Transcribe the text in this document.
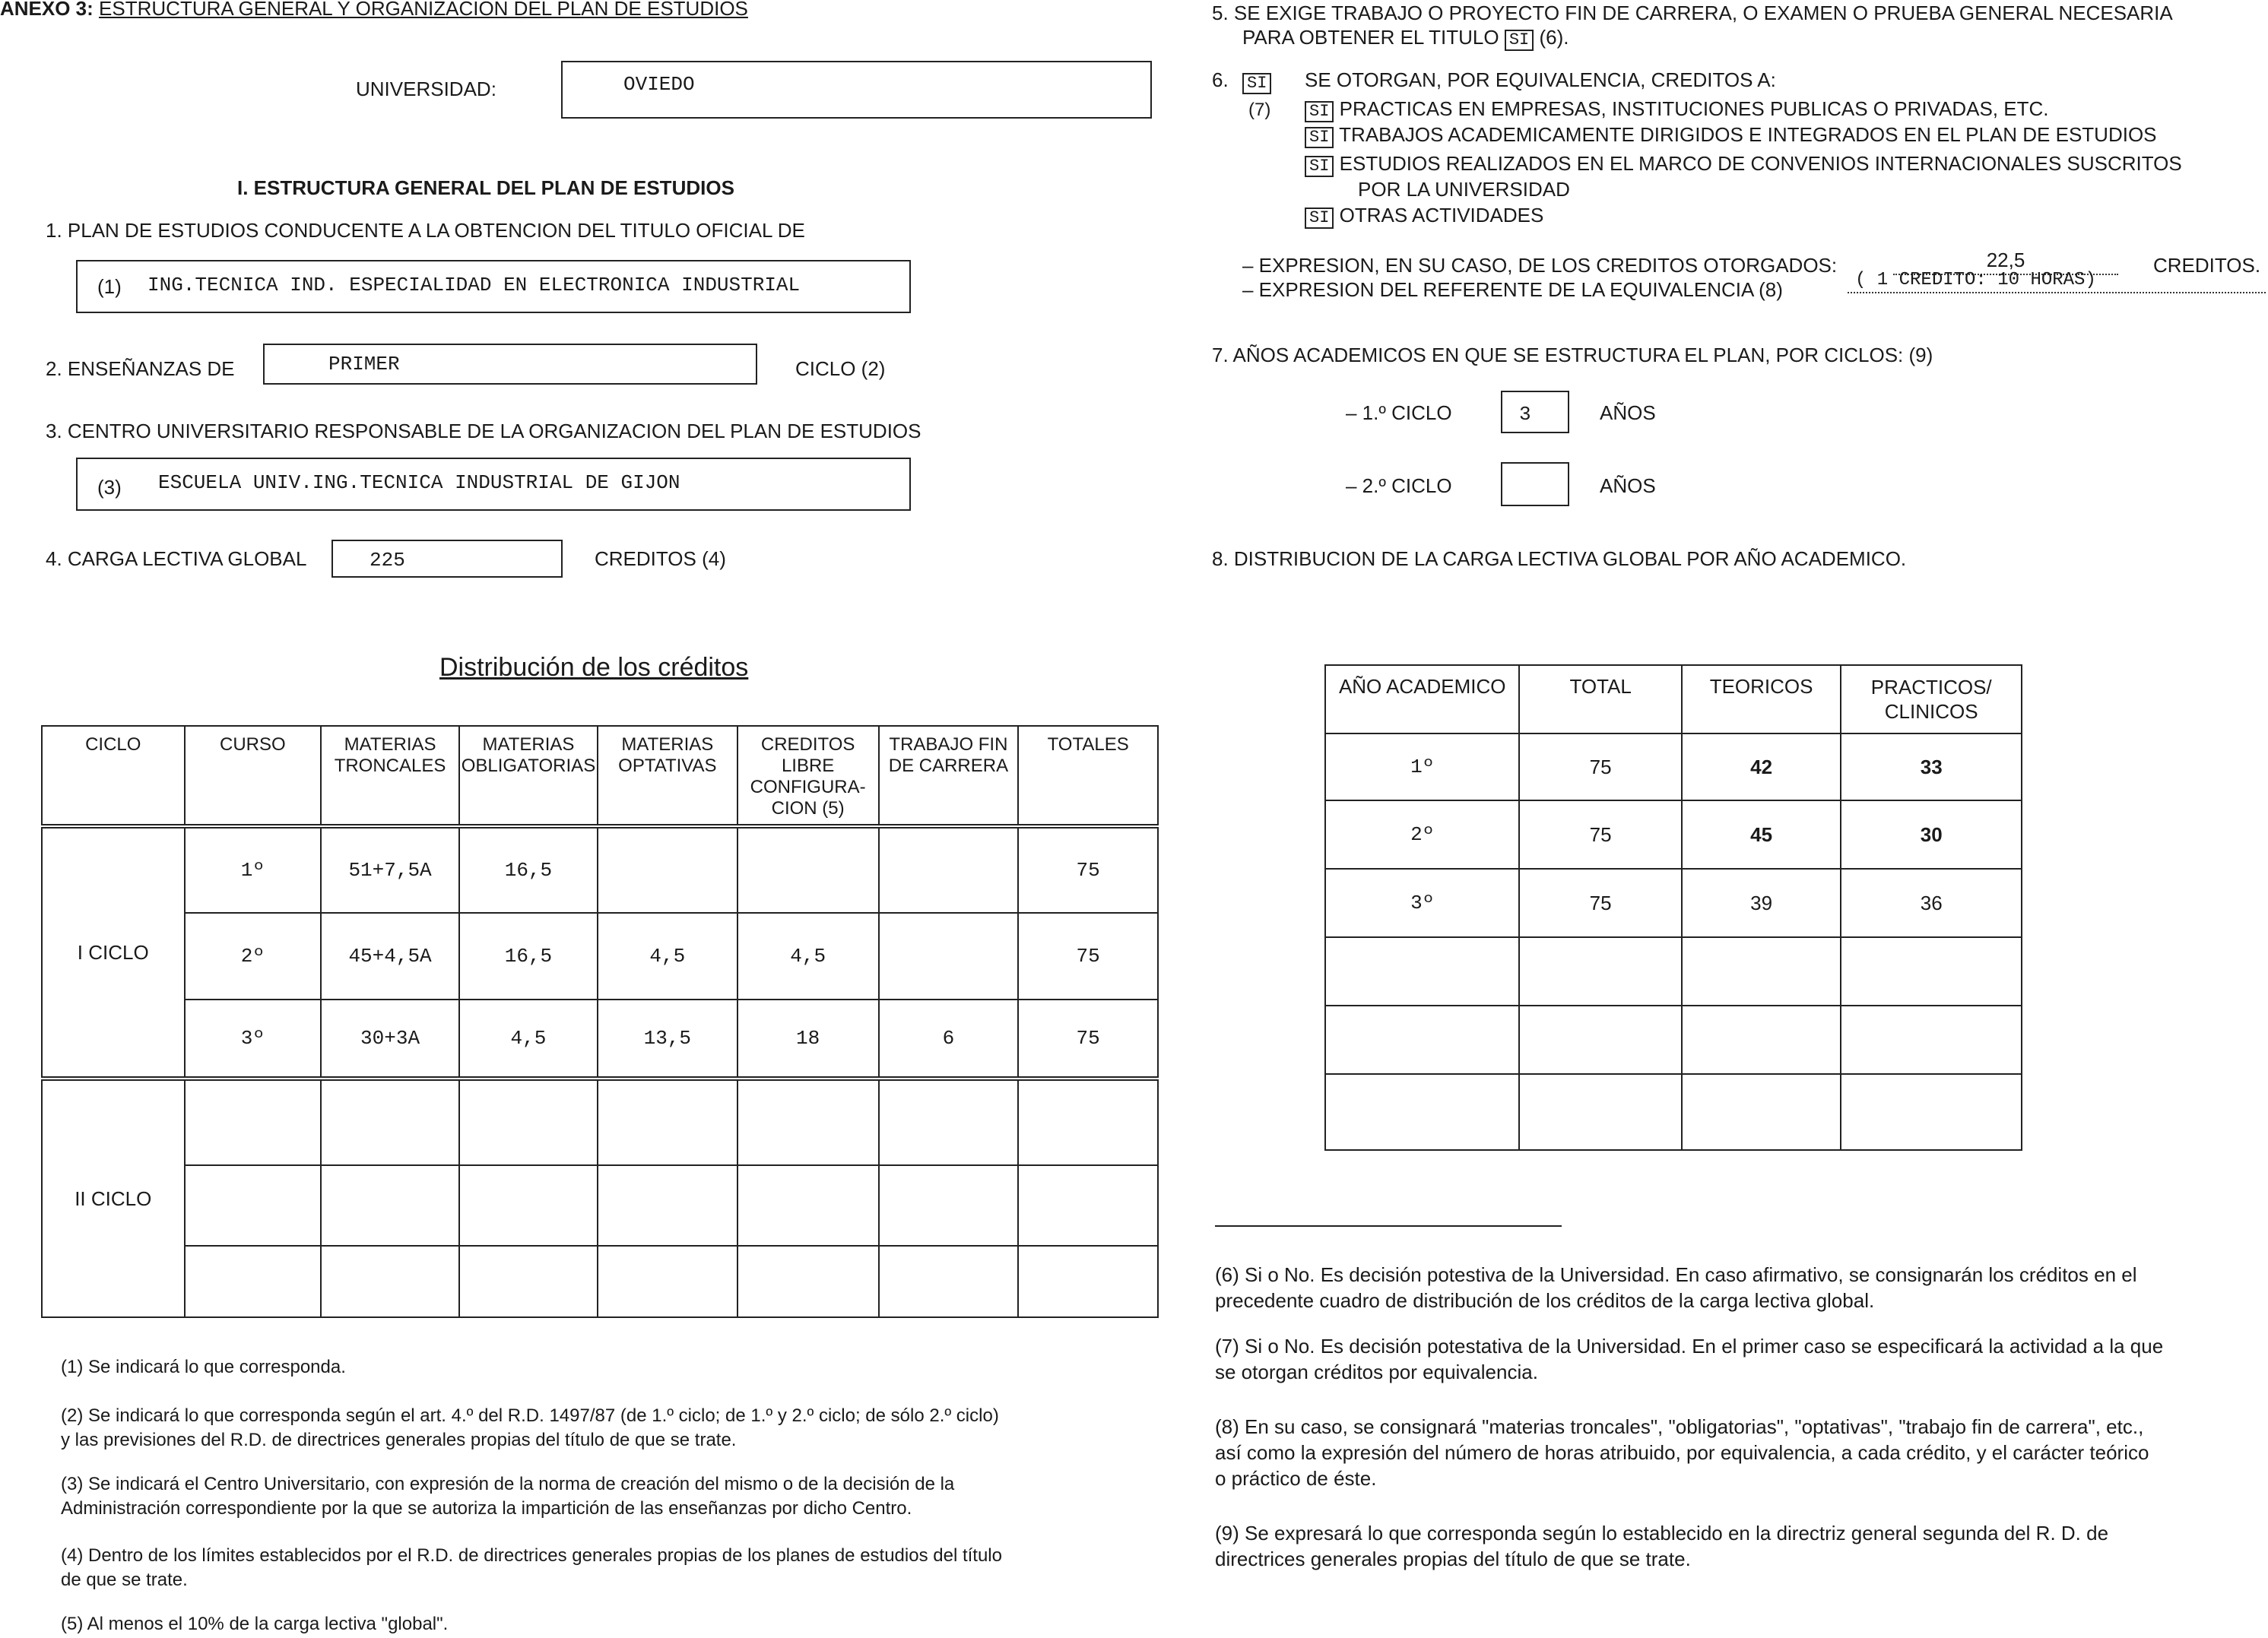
ANEXO 3: ESTRUCTURA GENERAL Y ORGANIZACION DEL PLAN DE ESTUDIOS
UNIVERSIDAD:	OVIEDO
I. ESTRUCTURA GENERAL DEL PLAN DE ESTUDIOS
1. PLAN DE ESTUDIOS CONDUCENTE A LA OBTENCION DEL TITULO OFICIAL DE
(1) ING.TECNICA IND. ESPECIALIDAD EN ELECTRONICA INDUSTRIAL
2. ENSEÑANZAS DE	PRIMER	CICLO (2)
3. CENTRO UNIVERSITARIO RESPONSABLE DE LA ORGANIZACION DEL PLAN DE ESTUDIOS
(3) ESCUELA UNIV.ING.TECNICA INDUSTRIAL DE GIJON
4. CARGA LECTIVA GLOBAL	225	CREDITOS (4)
Distribución de los créditos
CICLO	CURSO	MATERIAS TRONCALES	MATERIAS OBLIGATORIAS	MATERIAS OPTATIVAS	CREDITOS LIBRE CONFIGURA- CION (5)	TRABAJO FIN DE CARRERA	TOTALES
I CICLO	1º	51+7,5A	16,5				75
	2º	45+4,5A	16,5	4,5	4,5		75
	3º	30+3A	4,5	13,5	18	6	75
II CICLO							

(1) Se indicará lo que corresponda.
(2) Se indicará lo que corresponda según el art. 4.º del R.D. 1497/87 (de 1.º ciclo; de 1.º y 2.º ciclo; de sólo 2.º ciclo)
y las previsiones del R.D. de directrices generales propias del título de que se trate.
(3) Se indicará el Centro Universitario, con expresión de la norma de creación del mismo o de la decisión de la
Administración correspondiente por la que se autoriza la impartición de las enseñanzas por dicho Centro.
(4) Dentro de los límites establecidos por el R.D. de directrices generales propias de los planes de estudios del título
de que se trate.
(5) Al menos el 10% de la carga lectiva "global".
5. SE EXIGE TRABAJO O PROYECTO FIN DE CARRERA, O EXAMEN O PRUEBA GENERAL NECESARIA
PARA OBTENER EL TITULO SI (6).
6. SI
(7)
SE OTORGAN, POR EQUIVALENCIA, CREDITOS A:
SI PRACTICAS EN EMPRESAS, INSTITUCIONES PUBLICAS O PRIVADAS, ETC.
SI TRABAJOS ACADEMICAMENTE DIRIGIDOS E INTEGRADOS EN EL PLAN DE ESTUDIOS
SI ESTUDIOS REALIZADOS EN EL MARCO DE CONVENIOS INTERNACIONALES SUSCRITOS
POR LA UNIVERSIDAD
SI OTRAS ACTIVIDADES
– EXPRESION, EN SU CASO, DE LOS CREDITOS OTORGADOS:	22,5	CREDITOS.
– EXPRESION DEL REFERENTE DE LA EQUIVALENCIA (8)	( 1 CREDITO: 10 HORAS)
7. AÑOS ACADEMICOS EN QUE SE ESTRUCTURA EL PLAN, POR CICLOS: (9)
– 1.º CICLO	3	AÑOS
– 2.º CICLO	AÑOS
8. DISTRIBUCION DE LA CARGA LECTIVA GLOBAL POR AÑO ACADEMICO.
AÑO ACADEMICO	TOTAL	TEORICOS	PRACTICOS/ CLINICOS
1º	75	42	33
2º	75	45	30
3º	75	39	36

(6) Si o No. Es decisión potestiva de la Universidad. En caso afirmativo, se consignarán los créditos en el
precedente cuadro de distribución de los créditos de la carga lectiva global.
(7) Si o No. Es decisión potestativa de la Universidad. En el primer caso se especificará la actividad a la que
se otorgan créditos por equivalencia.
(8) En su caso, se consignará "materias troncales", "obligatorias", "optativas", "trabajo fin de carrera", etc.,
así como la expresión del número de horas atribuido, por equivalencia, a cada crédito, y el carácter teórico
o práctico de éste.
(9) Se expresará lo que corresponda según lo establecido en la directriz general segunda del R. D. de
directrices generales propias del título de que se trate.
